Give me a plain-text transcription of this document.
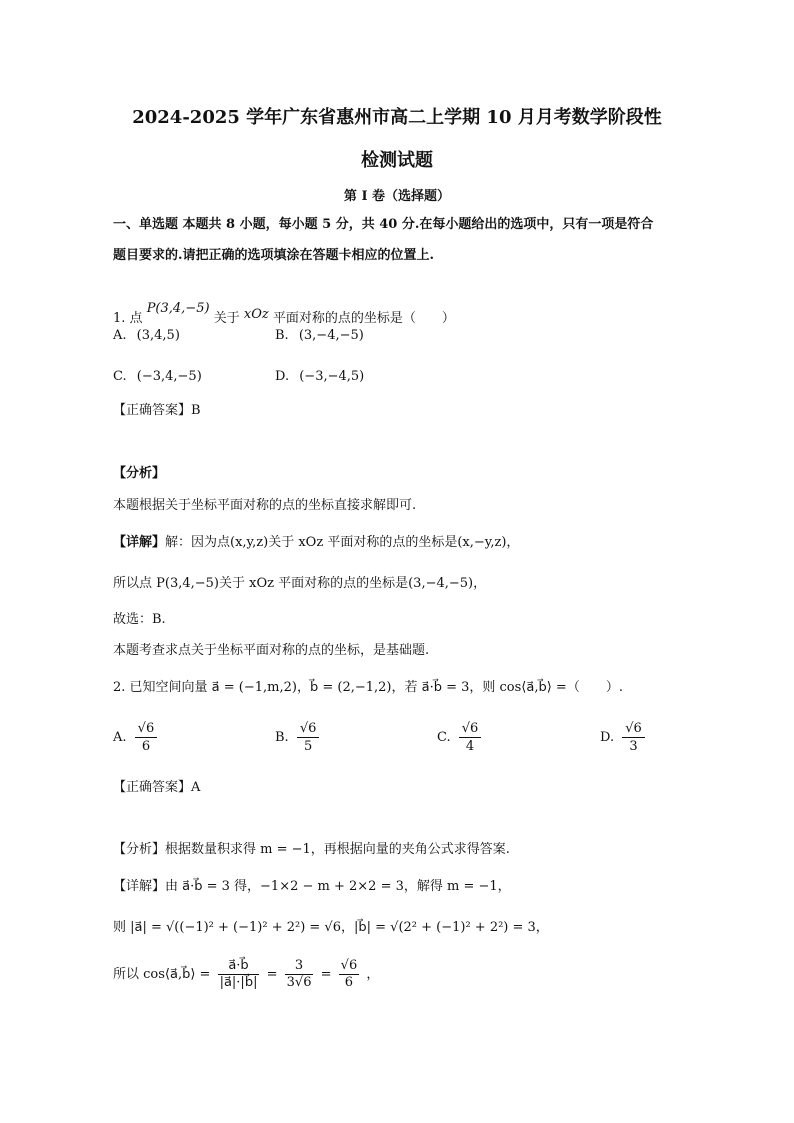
2024-2025 学年广东省惠州市高二上学期 10 月月考数学阶段性
检测试题
第 I 卷（选择题）
一、单选题 本题共 8 小题，每小题 5 分，共 40 分.在每小题给出的选项中，只有一项是符合
题目要求的.请把正确的选项填涂在答题卡相应的位置上.
1. 点 P(3,4,−5) 关于 xOz 平面对称的点的坐标是（　　）
A. (3,4,5)	B. (3,−4,−5)
C. (−3,4,−5)	D. (−3,−4,5)
【正确答案】B
【分析】
本题根据关于坐标平面对称的点的坐标直接求解即可.
【详解】解：因为点(x,y,z)关于 xOz 平面对称的点的坐标是(x,−y,z)，
所以点 P(3,4,−5)关于 xOz 平面对称的点的坐标是(3,−4,−5)，
故选：B.
本题考查求点关于坐标平面对称的点的坐标，是基础题.
2. 已知空间向量 a⃗ = (−1,m,2)，b⃗ = (2,−1,2)，若 a⃗·b⃗ = 3，则 cos⟨a⃗,b⃗⟩ =（　　）.
A. $\frac{√6}{6}$	B. $\frac{√6}{5}$	C. $\frac{√6}{4}$	D. $\frac{√6}{3}$
【正确答案】A
【分析】根据数量积求得 m = −1，再根据向量的夹角公式求得答案.
【详解】由 a⃗·b⃗ = 3 得，−1×2 − m + 2×2 = 3，解得 m = −1，
则 |a⃗| = √((−1)² + (−1)² + 2²) = √6，|b⃗| = √(2² + (−1)² + 2²) = 3，
所以 cos⟨a⃗,b⃗⟩ = $\frac{a⃗\cdot b⃗}{|a⃗|\cdot|b⃗|} = \frac{3}{3√6} = \frac{√6}{6}$ ，
